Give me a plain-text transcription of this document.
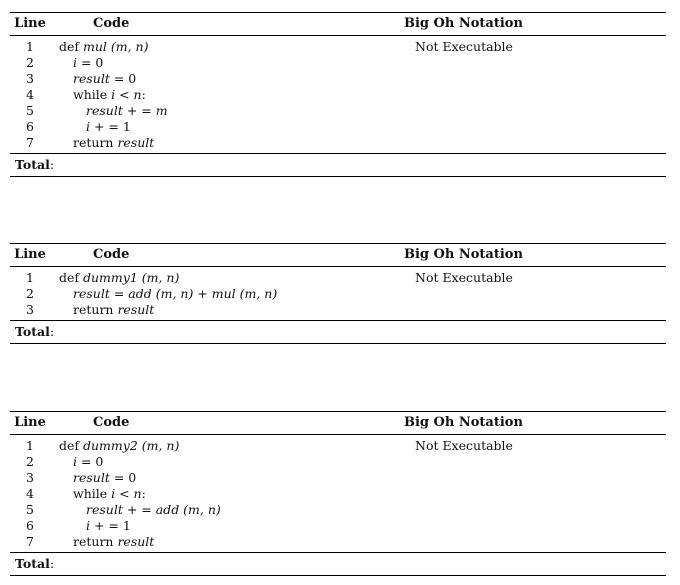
Line	Code	Big Oh Notation
1	def mul (m, n)	Not Executable
2	i = 0
3	result = 0
4	while i < n:
5	result + = m
6	i + = 1
7	return result
Total:
Line	Code	Big Oh Notation
1	def dummy1 (m, n)	Not Executable
2	result = add (m, n) + mul (m, n)
3	return result
Total:
Line	Code	Big Oh Notation
1	def dummy2 (m, n)	Not Executable
2	i = 0
3	result = 0
4	while i < n:
5	result + = add (m, n)
6	i + = 1
7	return result
Total:
